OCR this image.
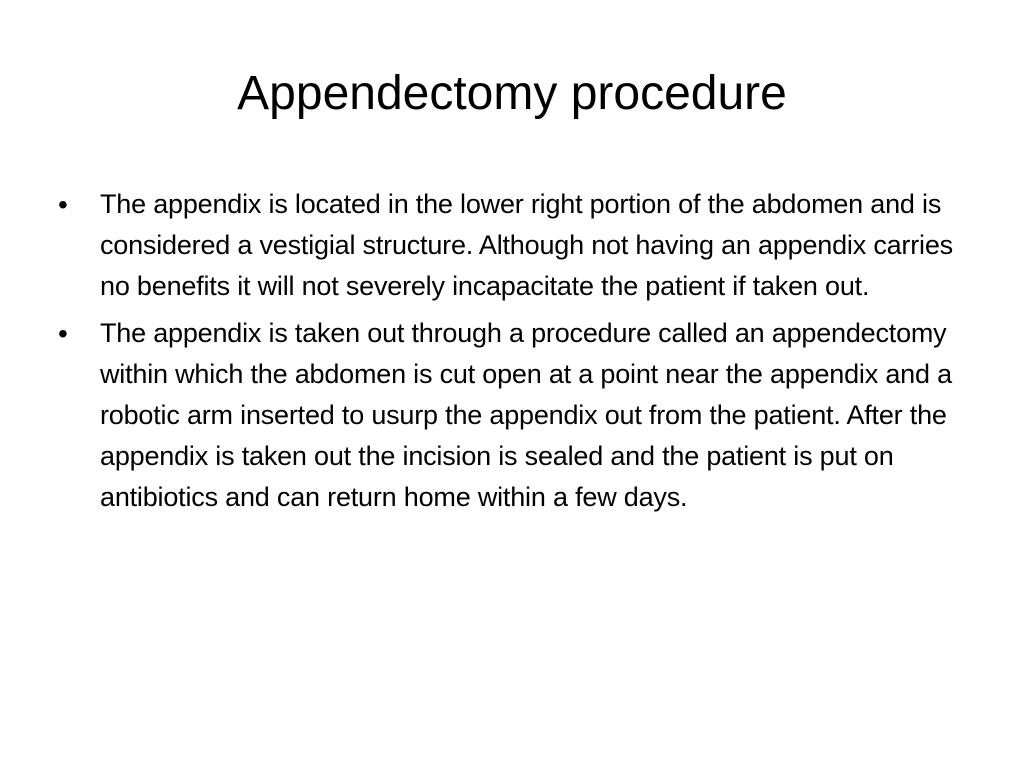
Appendectomy procedure
•	The appendix is located in the lower right portion of the abdomen and is considered a vestigial structure. Although not having an appendix carries no benefits it will not severely incapacitate the patient if taken out.
•	The appendix is taken out through a procedure called an appendectomy within which the abdomen is cut open at a point near the appendix and a robotic arm inserted to usurp the appendix out from the patient. After the appendix is taken out the incision is sealed and the patient is put on antibiotics and can return home within a few days.
